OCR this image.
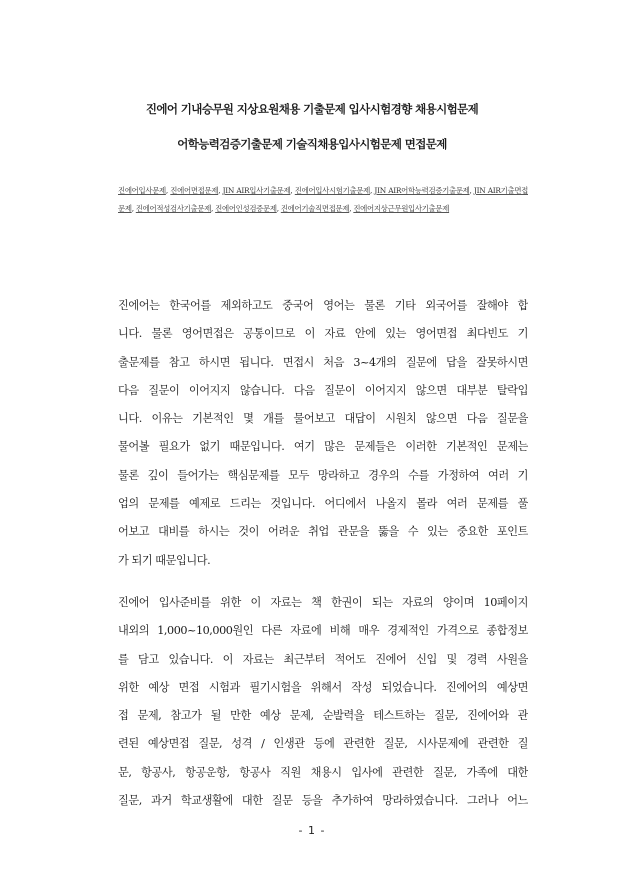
진에어 기내승무원 지상요원채용 기출문제 입사시험경향 채용시험문제
어학능력검증기출문제 기술직채용입사시험문제 면접문제
진에어입사문제, 진에어면접문제, JIN AIR입사기출문제, 진에어입사시험기출문제, JIN AIR어학능력검증기출문제, JIN AIR기출면접문제, 진에어적성검사기출문제, 진에어인성검증문제, 진에어기술직면접문제, 진에어지상근무원입사기출문제
진에어는 한국어를 제외하고도 중국어 영어는 물론 기타 외국어를 잘해야 합
니다. 물론 영어면접은 공통이므로 이 자료 안에 있는 영어면접 최다빈도 기
출문제를 참고 하시면 됩니다. 면접시 처음 3~4개의 질문에 답을 잘못하시면
다음 질문이 이어지지 않습니다. 다음 질문이 이어지지 않으면 대부분 탈락입
니다. 이유는 기본적인 몇 개를 물어보고 대답이 시원치 않으면 다음 질문을
물어볼 필요가 없기 때문입니다. 여기 많은 문제들은 이러한 기본적인 문제는
물론 깊이 들어가는 핵심문제를 모두 망라하고 경우의 수를 가정하여 여러 기
업의 문제를 예제로 드리는 것입니다. 어디에서 나올지 몰라 여러 문제를 풀
어보고 대비를 하시는 것이 어려운 취업 관문을 뚫을 수 있는 중요한 포인트
가 되기 때문입니다.
진에어 입사준비를 위한 이 자료는 책 한권이 되는 자료의 양이며 10페이지
내외의 1,000~10,000원인 다른 자료에 비해 매우 경제적인 가격으로 종합정보
를 담고 있습니다. 이 자료는 최근부터 적어도 진에어 신입 및 경력 사원을
위한 예상 면접 시험과 필기시험을 위해서 작성 되었습니다. 진에어의 예상면
접 문제, 참고가 될 만한 예상 문제, 순발력을 테스트하는 질문, 진에어와 관
련된 예상면접 질문, 성격 / 인생관 등에 관련한 질문, 시사문제에 관련한 질
문, 항공사, 항공운항, 항공사 직원 채용시 입사에 관련한 질문, 가족에 대한
질문, 과거 학교생활에 대한 질문 등을 추가하여 망라하였습니다. 그러나 어느
- 1 -
